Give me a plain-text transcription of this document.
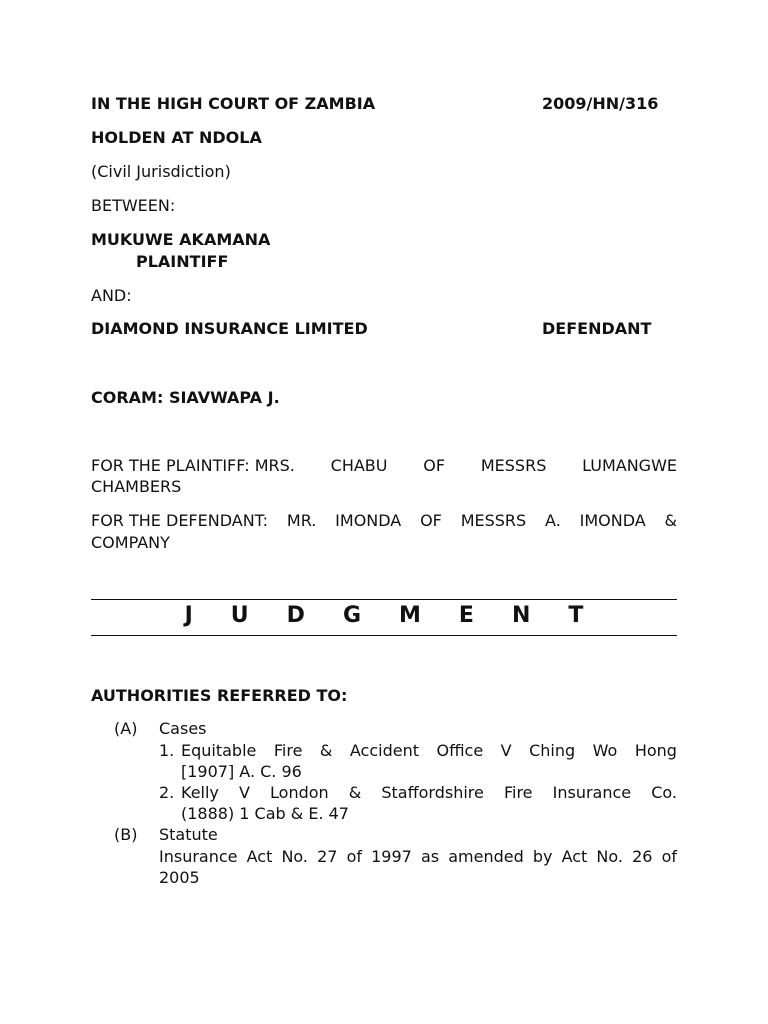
IN THE HIGH COURT OF ZAMBIA	2009/HN/316
HOLDEN AT NDOLA
(Civil Jurisdiction)
BETWEEN:
MUKUWE AKAMANA
PLAINTIFF
AND:
DIAMOND INSURANCE LIMITED	DEFENDANT
CORAM: SIAVWAPA J.
FOR THE PLAINTIFF: MRS. CHABU OF MESSRS LUMANGWE
CHAMBERS
FOR THE DEFENDANT: MR. IMONDA OF MESSRS A. IMONDA &
COMPANY
J U D G M E N T
AUTHORITIES REFERRED TO:
(A) Cases
1. Equitable Fire & Accident Office V Ching Wo Hong
[1907] A. C. 96
2. Kelly V London & Staffordshire Fire Insurance Co.
(1888) 1 Cab & E. 47
(B) Statute
Insurance Act No. 27 of 1997 as amended by Act No. 26 of
2005
